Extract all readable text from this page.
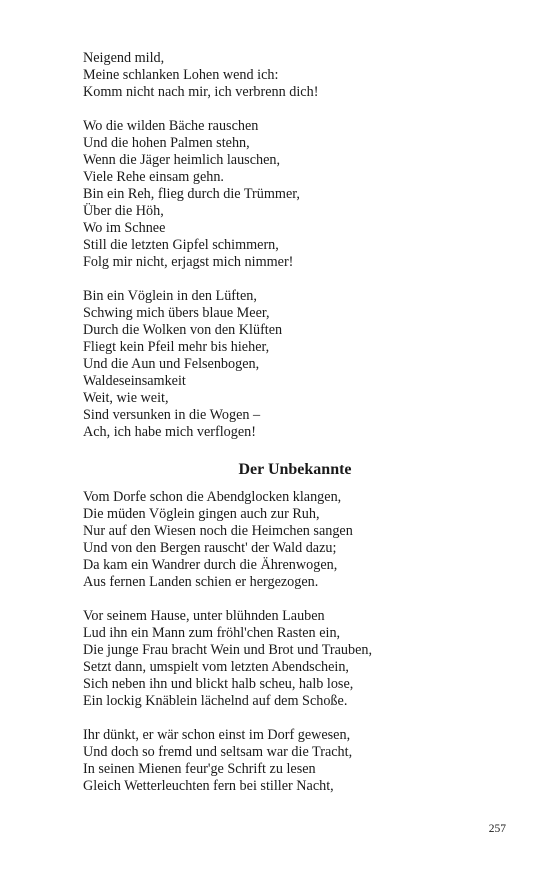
Neigend mild,
Meine schlanken Lohen wend ich:
Komm nicht nach mir, ich verbrenn dich!
Wo die wilden Bäche rauschen
Und die hohen Palmen stehn,
Wenn die Jäger heimlich lauschen,
Viele Rehe einsam gehn.
Bin ein Reh, flieg durch die Trümmer,
Über die Höh,
Wo im Schnee
Still die letzten Gipfel schimmern,
Folg mir nicht, erjagst mich nimmer!
Bin ein Vöglein in den Lüften,
Schwing mich übers blaue Meer,
Durch die Wolken von den Klüften
Fliegt kein Pfeil mehr bis hieher,
Und die Aun und Felsenbogen,
Waldeseinsamkeit
Weit, wie weit,
Sind versunken in die Wogen –
Ach, ich habe mich verflogen!
Der Unbekannte
Vom Dorfe schon die Abendglocken klangen,
Die müden Vöglein gingen auch zur Ruh,
Nur auf den Wiesen noch die Heimchen sangen
Und von den Bergen rauscht' der Wald dazu;
Da kam ein Wandrer durch die Ährenwogen,
Aus fernen Landen schien er hergezogen.
Vor seinem Hause, unter blühnden Lauben
Lud ihn ein Mann zum fröhl'chen Rasten ein,
Die junge Frau bracht Wein und Brot und Trauben,
Setzt dann, umspielt vom letzten Abendschein,
Sich neben ihn und blickt halb scheu, halb lose,
Ein lockig Knäblein lächelnd auf dem Schoße.
Ihr dünkt, er wär schon einst im Dorf gewesen,
Und doch so fremd und seltsam war die Tracht,
In seinen Mienen feur'ge Schrift zu lesen
Gleich Wetterleuchten fern bei stiller Nacht,
257
